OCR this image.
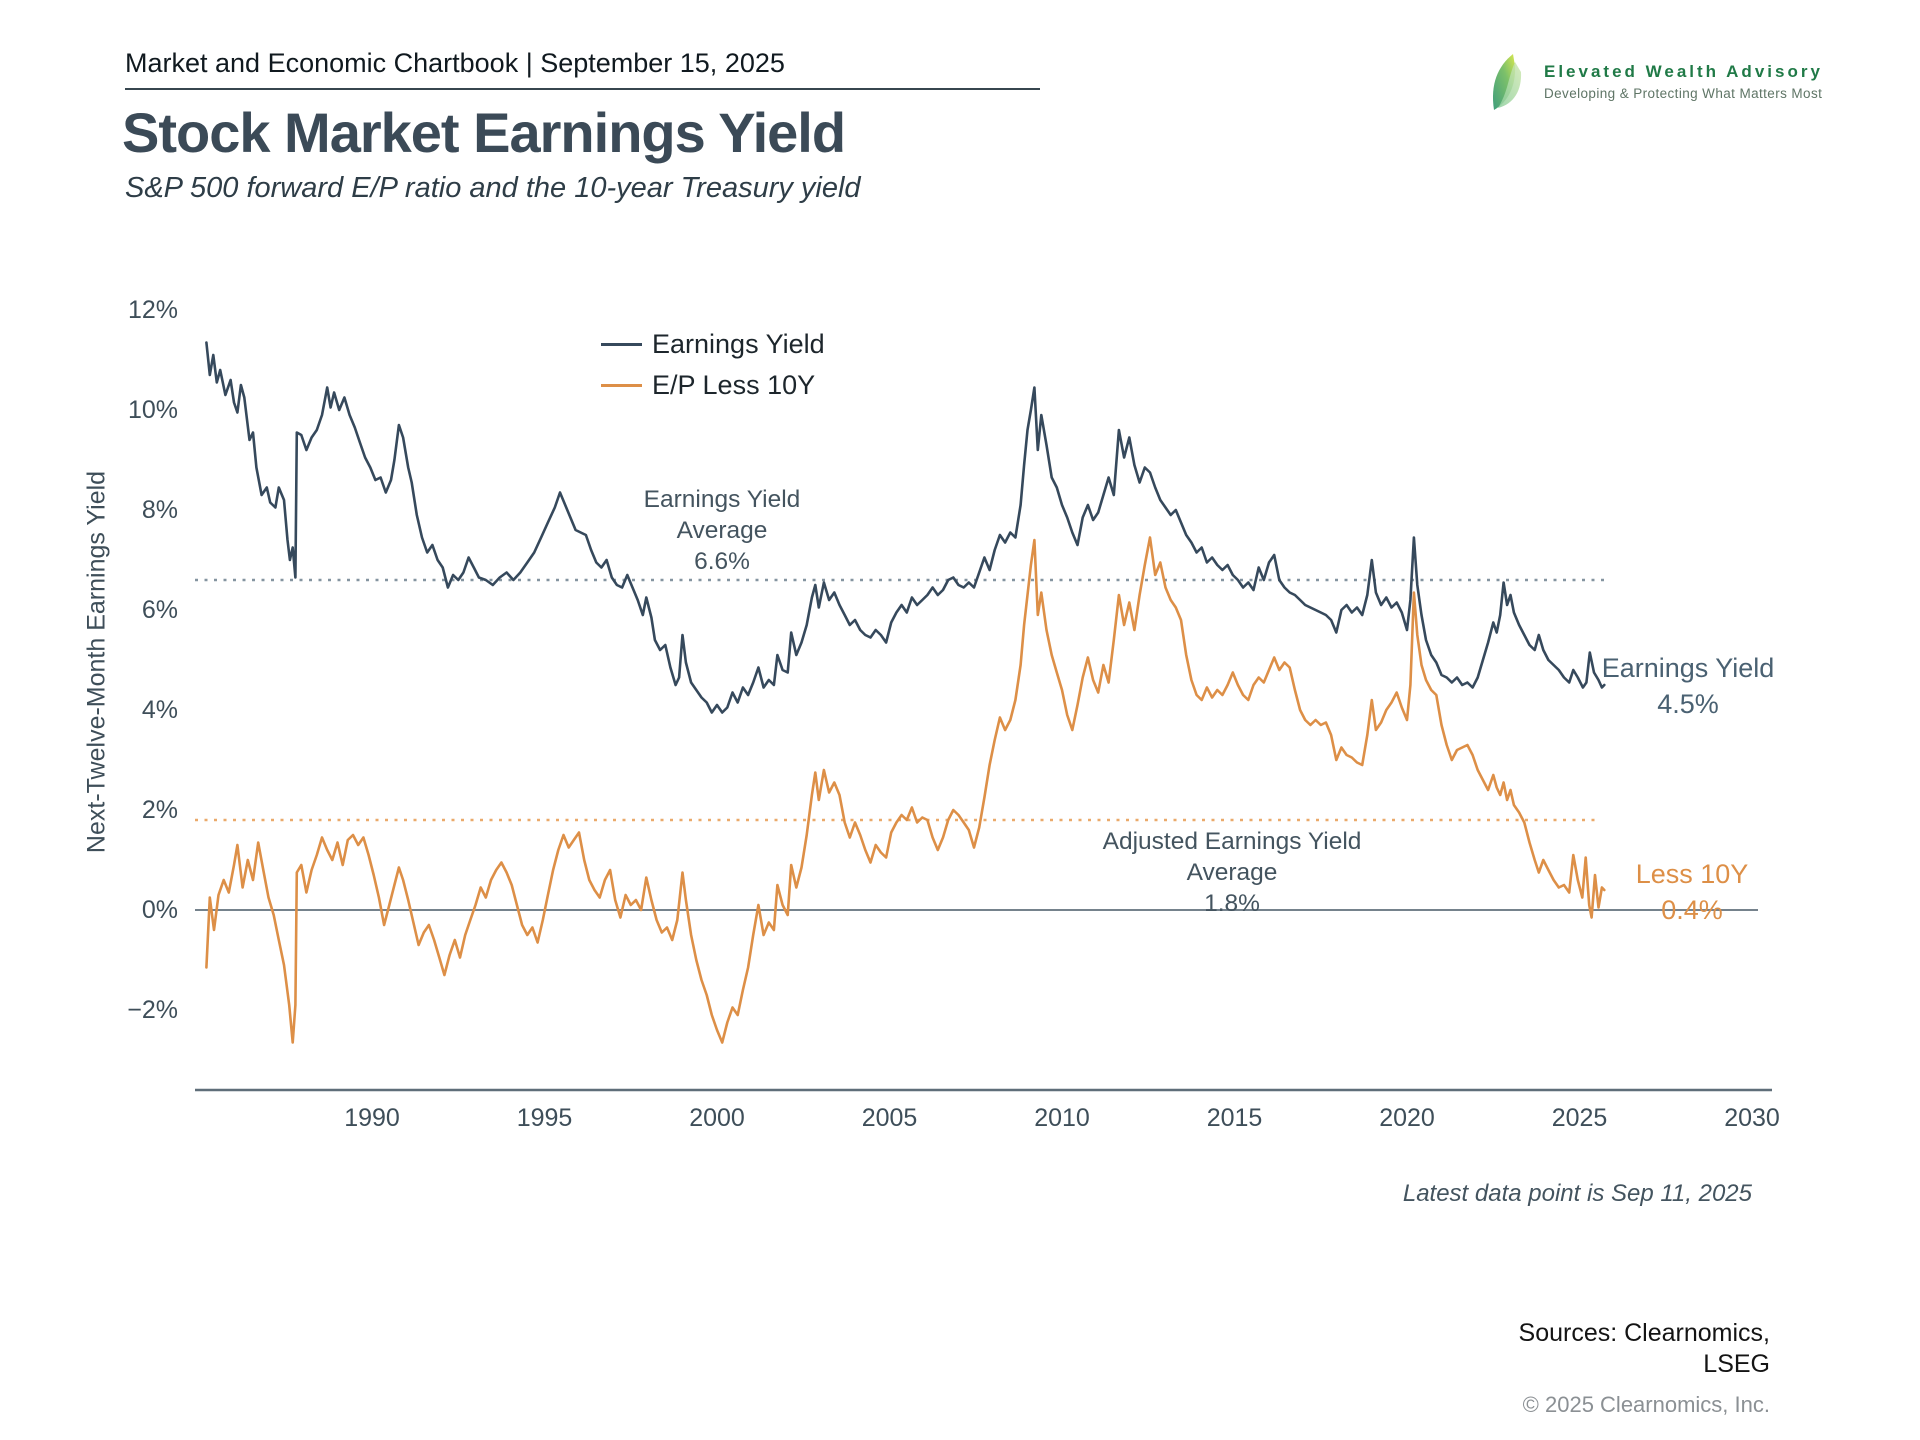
Market and Economic Chartbook | September 15, 2025
Stock Market Earnings Yield
S&P 500 forward E/P ratio and the 10-year Treasury yield
Elevated Wealth Advisory
Developing & Protecting What Matters Most
Next-Twelve-Month Earnings Yield
12%
10%
8%
6%
4%
2%
0%
−2%
1990	1995	2000	2005	2010	2015	2020	2025	2030
Earnings Yield
E/P Less 10Y
Earnings Yield
Average
6.6%
Adjusted Earnings Yield
Average
1.8%
Earnings Yield
4.5%
Less 10Y
0.4%
Latest data point is Sep 11, 2025
Sources: Clearnomics,
LSEG
© 2025 Clearnomics, Inc.
